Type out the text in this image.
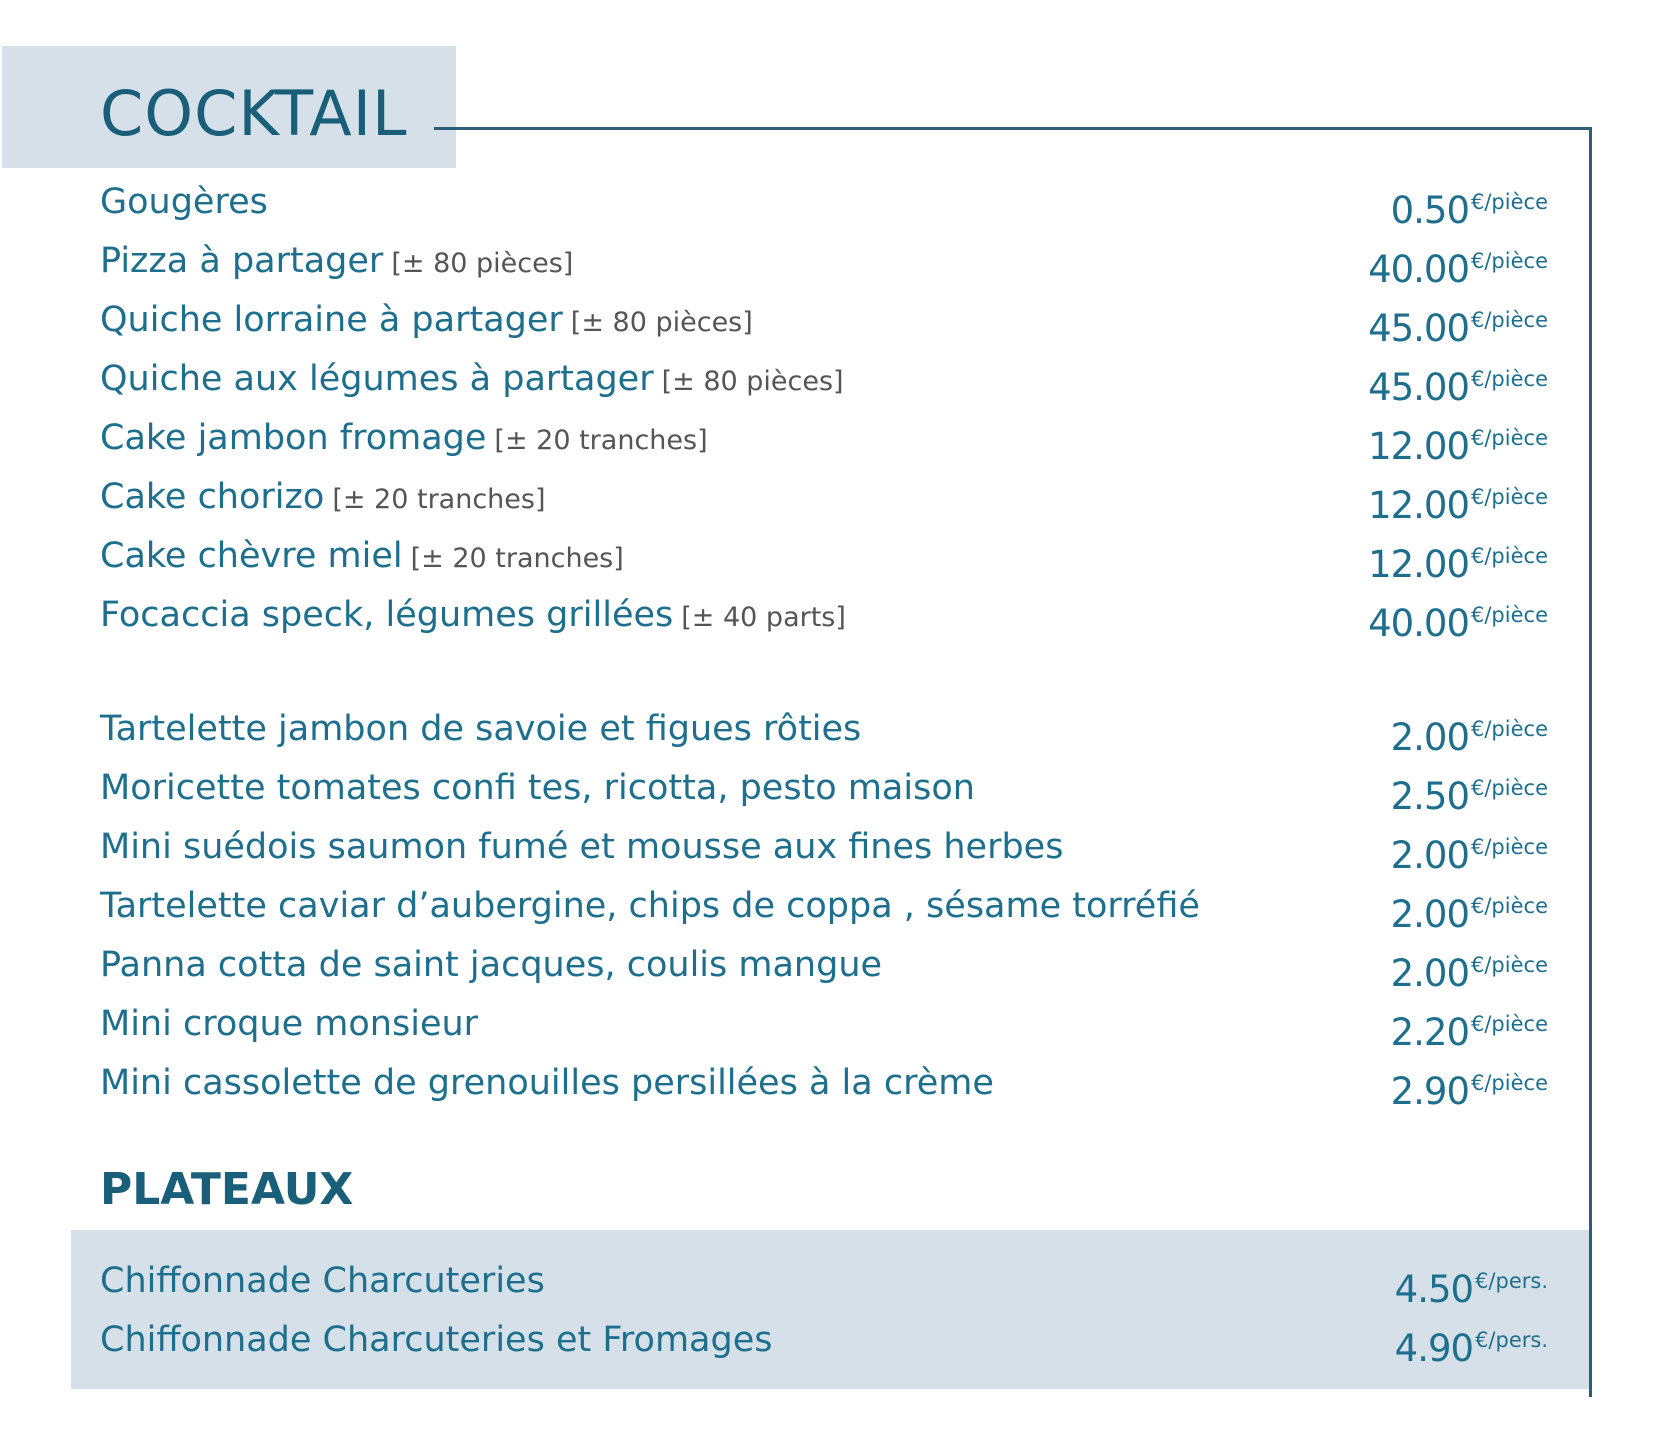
COCKTAIL
Gougères	$0.50^{€/pièce}$
Pizza à partager [± 80 pièces]	$40.00^{€/pièce}$
Quiche lorraine à partager [± 80 pièces]	$45.00^{€/pièce}$
Quiche aux légumes à partager [± 80 pièces]	$45.00^{€/pièce}$
Cake jambon fromage [± 20 tranches]	$12.00^{€/pièce}$
Cake chorizo [± 20 tranches]	$12.00^{€/pièce}$
Cake chèvre miel [± 20 tranches]	$12.00^{€/pièce}$
Focaccia speck, légumes grillées [± 40 parts]	$40.00^{€/pièce}$
Tartelette jambon de savoie et figues rôties	$2.00^{€/pièce}$
Moricette tomates confi tes, ricotta, pesto maison	$2.50^{€/pièce}$
Mini suédois saumon fumé et mousse aux fines herbes	$2.00^{€/pièce}$
Tartelette caviar d’aubergine, chips de coppa , sésame torréfié	$2.00^{€/pièce}$
Panna cotta de saint jacques, coulis mangue	$2.00^{€/pièce}$
Mini croque monsieur	$2.20^{€/pièce}$
Mini cassolette de grenouilles persillées à la crème	$2.90^{€/pièce}$
PLATEAUX
Chiffonnade Charcuteries	$4.50^{€/pers.}$
Chiffonnade Charcuteries et Fromages	$4.90^{€/pers.}$
